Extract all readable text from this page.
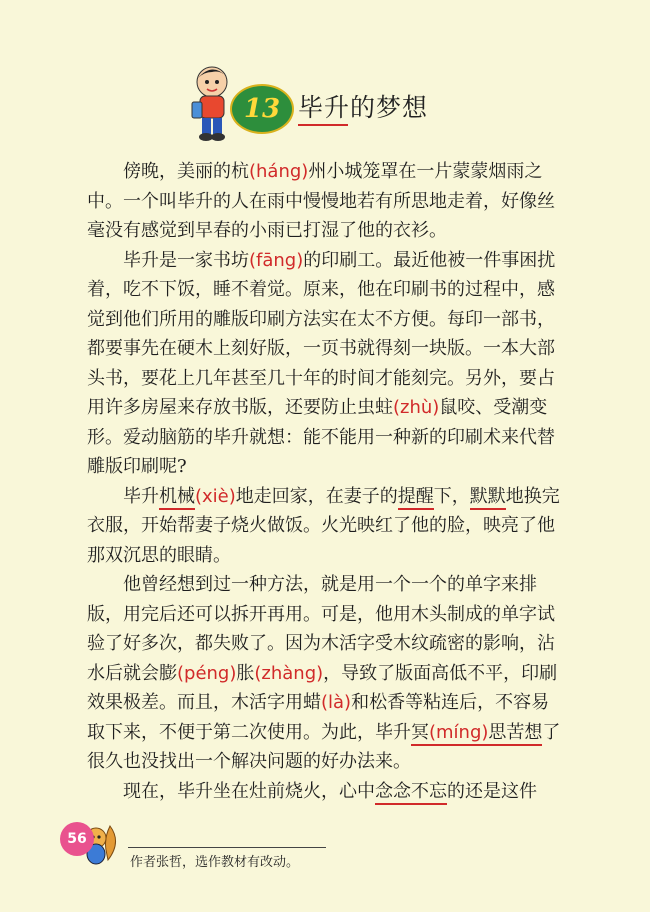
13 毕升的梦想

傍晚，美丽的杭(háng)州小城笼罩在一片蒙蒙烟雨之中。一个叫毕升的人在雨中慢慢地若有所思地走着，好像丝毫没有感觉到早春的小雨已打湿了他的衣衫。

毕升是一家书坊(fāng)的印刷工。最近他被一件事困扰着，吃不下饭，睡不着觉。原来，他在印刷书的过程中，感觉到他们所用的雕版印刷方法实在太不方便。每印一部书，都要事先在硬木上刻好版，一页书就得刻一块版。一本大部头书，要花上几年甚至几十年的时间才能刻完。另外，要占用许多房屋来存放书版，还要防止虫蛀(zhù)鼠咬、受潮变形。爱动脑筋的毕升就想：能不能用一种新的印刷术来代替雕版印刷呢?

毕升机械(xiè)地走回家，在妻子的提醒下，默默地换完衣服，开始帮妻子烧火做饭。火光映红了他的脸，映亮了他那双沉思的眼睛。

他曾经想到过一种方法，就是用一个一个的单字来排版，用完后还可以拆开再用。可是，他用木头制成的单字试验了好多次，都失败了。因为木活字受木纹疏密的影响，沾水后就会膨(péng)胀(zhàng)，导致了版面高低不平，印刷效果极差。而且，木活字用蜡(là)和松香等粘连后，不容易取下来，不便于第二次使用。为此，毕升冥(míng)思苦想了很久也没找出一个解决问题的好办法来。

现在，毕升坐在灶前烧火，心中念念不忘的还是这件

56
作者张哲，选作教材有改动。
